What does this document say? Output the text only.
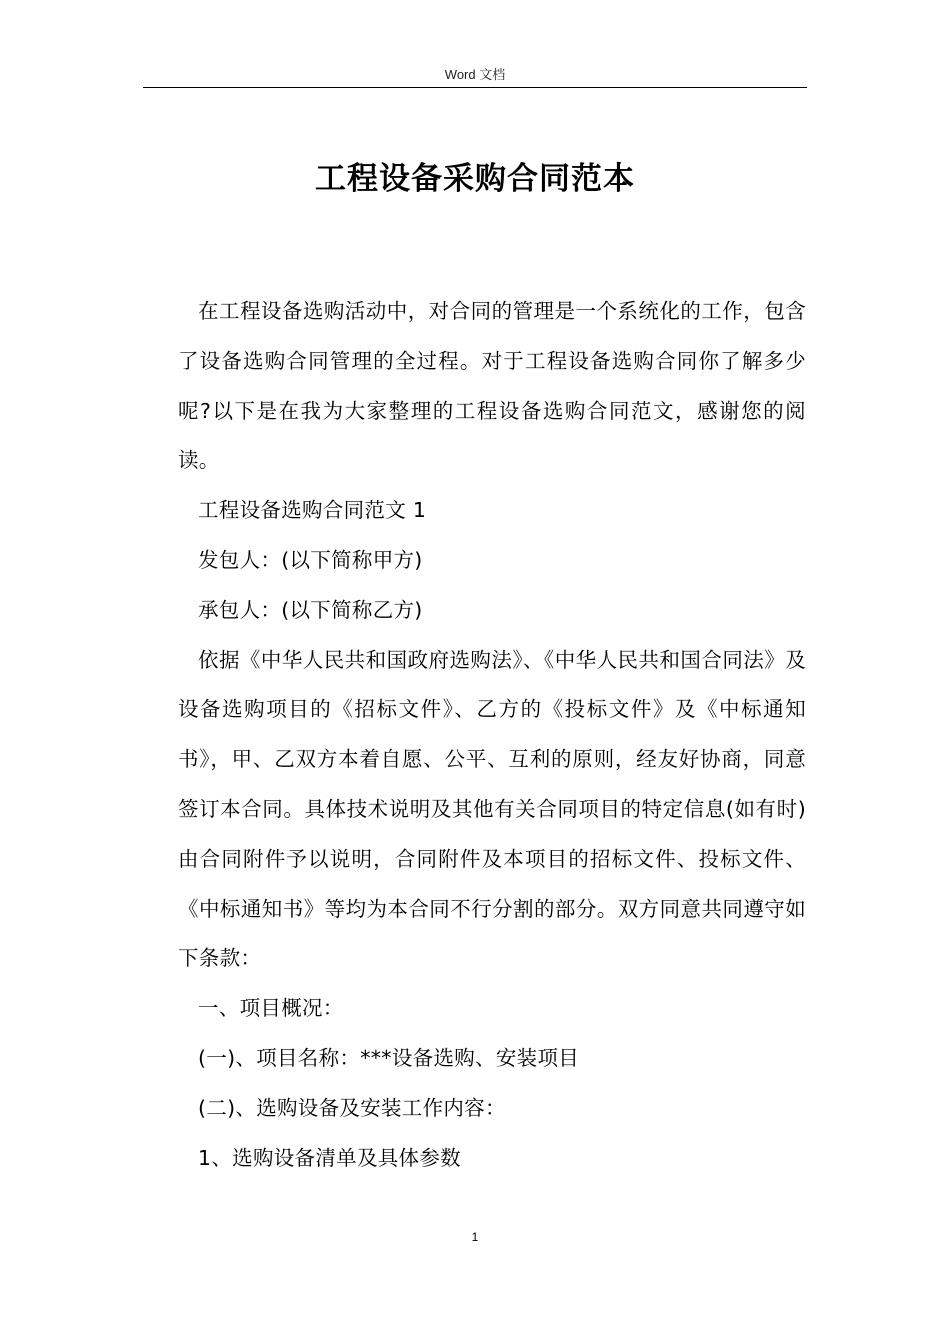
Word 文档
工程设备采购合同范本

在工程设备选购活动中，对合同的管理是一个系统化的工作，包含了设备选购合同管理的全过程。对于工程设备选购合同你了解多少呢?以下是在我为大家整理的工程设备选购合同范文，感谢您的阅读。

工程设备选购合同范文 1

发包人：(以下简称甲方)

承包人：(以下简称乙方)

依据《中华人民共和国政府选购法》、《中华人民共和国合同法》及设备选购项目的《招标文件》、乙方的《投标文件》及《中标通知书》，甲、乙双方本着自愿、公平、互利的原则，经友好协商，同意签订本合同。具体技术说明及其他有关合同项目的特定信息(如有时)由合同附件予以说明，合同附件及本项目的招标文件、投标文件、《中标通知书》等均为本合同不行分割的部分。双方同意共同遵守如下条款：

一、项目概况：

(一)、项目名称：***设备选购、安装项目

(二)、选购设备及安装工作内容：

1、选购设备清单及具体参数

1
